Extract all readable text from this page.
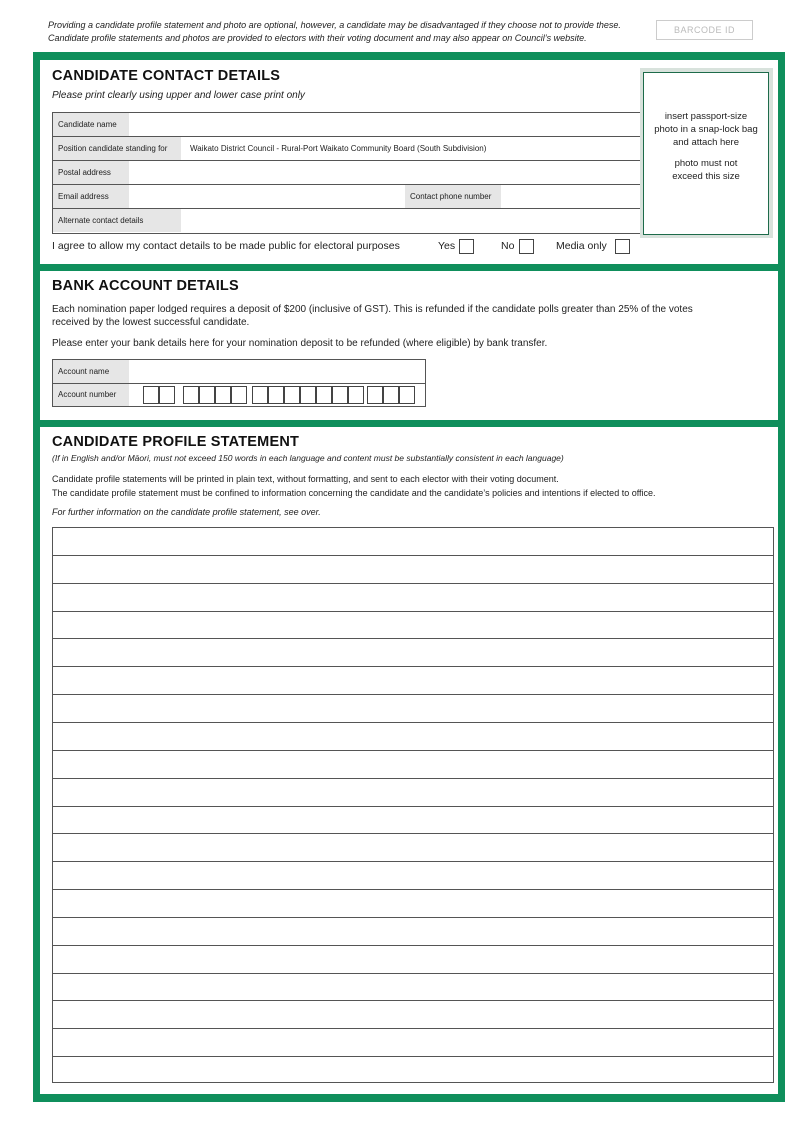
Providing a candidate profile statement and photo are optional, however, a candidate may be disadvantaged if they choose not to provide these.
Candidate profile statements and photos are provided to electors with their voting document and may also appear on Council’s website.
BARCODE ID
CANDIDATE CONTACT DETAILS
Please print clearly using upper and lower case print only
Candidate name
Position candidate standing for	Waikato District Council - Rural-Port Waikato Community Board (South Subdivision)
Postal address
Email address	Contact phone number
Alternate contact details
insert passport-size
photo in a snap-lock bag
and attach here
photo must not
exceed this size
I agree to allow my contact details to be made public for electoral purposes	Yes	No	Media only
BANK ACCOUNT DETAILS
Each nomination paper lodged requires a deposit of $200 (inclusive of GST). This is refunded if the candidate polls greater than 25% of the votes
received by the lowest successful candidate.
Please enter your bank details here for your nomination deposit to be refunded (where eligible) by bank transfer.
Account name
Account number
CANDIDATE PROFILE STATEMENT
(If in English and/or Māori, must not exceed 150 words in each language and content must be substantially consistent in each language)
Candidate profile statements will be printed in plain text, without formatting, and sent to each elector with their voting document.
The candidate profile statement must be confined to information concerning the candidate and the candidate’s policies and intentions if elected to office.
For further information on the candidate profile statement, see over.
